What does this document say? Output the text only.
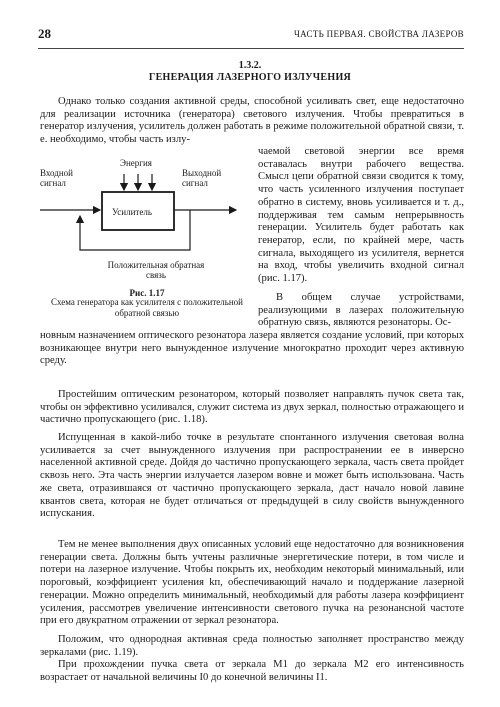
28	ЧАСТЬ ПЕРВАЯ. СВОЙСТВА ЛАЗЕРОВ
1.3.2.
ГЕНЕРАЦИЯ ЛАЗЕРНОГО ИЗЛУЧЕНИЯ

Однако только создания активной среды, способной усиливать свет, еще недостаточно для реализации источника (генератора) светового излучения. Чтобы превратиться в генератор излучения, усилитель должен работать в режиме положительной обратной связи, т. е. необходимо, чтобы часть излу-

Энергия
Входной сигнал
Выходной сигнал
Усилитель
Положительная обратная связь
Рис. 1.17
Схема генератора как усилителя с положительной обратной связью

чаемой световой энергии все время оставалась внутри рабочего вещества. Смысл цепи обратной связи сводится к тому, что часть усиленного излучения поступает обратно в систему, вновь усиливается и т. д., поддерживая тем самым непрерывность генерации. Усилитель будет работать как генератор, если, по крайней мере, часть сигнала, выходящего из усилителя, вернется на вход, чтобы увеличить входной сигнал (рис. 1.17).

В общем случае устройствами, реализующими в лазерах положительную обратную связь, являются резонаторы. Ос-

новным назначением оптического резонатора лазера является создание условий, при которых возникающее внутри него вынужденное излучение многократно проходит через активную среду.

Простейшим оптическим резонатором, который позволяет направлять пучок света так, чтобы он эффективно усиливался, служит система из двух зеркал, полностью отражающего и частично пропускающего (рис. 1.18).

Испущенная в какой-либо точке в результате спонтанного излучения световая волна усиливается за счет вынужденного излучения при распространении ее в инверсно населенной активной среде. Дойдя до частично пропускающего зеркала, часть света пройдет сквозь него. Эта часть энергии излучается лазером вовне и может быть использована. Часть же света, отразившаяся от частично пропускающего зеркала, даст начало новой лавине квантов света, которая не будет отличаться от предыдущей в силу свойств вынужденного испускания.

Тем не менее выполнения двух описанных условий еще недостаточно для возникновения генерации света. Должны быть учтены различные энергетические потери, в том числе и потери на лазерное излучение. Чтобы покрыть их, необходим некоторый минимальный, или пороговый, коэффициент усиления kп, обеспечивающий начало и поддержание лазерной генерации. Можно определить минимальный, необходимый для работы лазера коэффициент усиления, рассмотрев увеличение интенсивности светового пучка на резонансной частоте при его двукратном отражении от зеркал резонатора.

Положим, что однородная активная среда полностью заполняет пространство между зеркалами (рис. 1.19).

При прохождении пучка света от зеркала M1 до зеркала M2 его интенсивность возрастает от начальной величины I0 до конечной величины I1.
